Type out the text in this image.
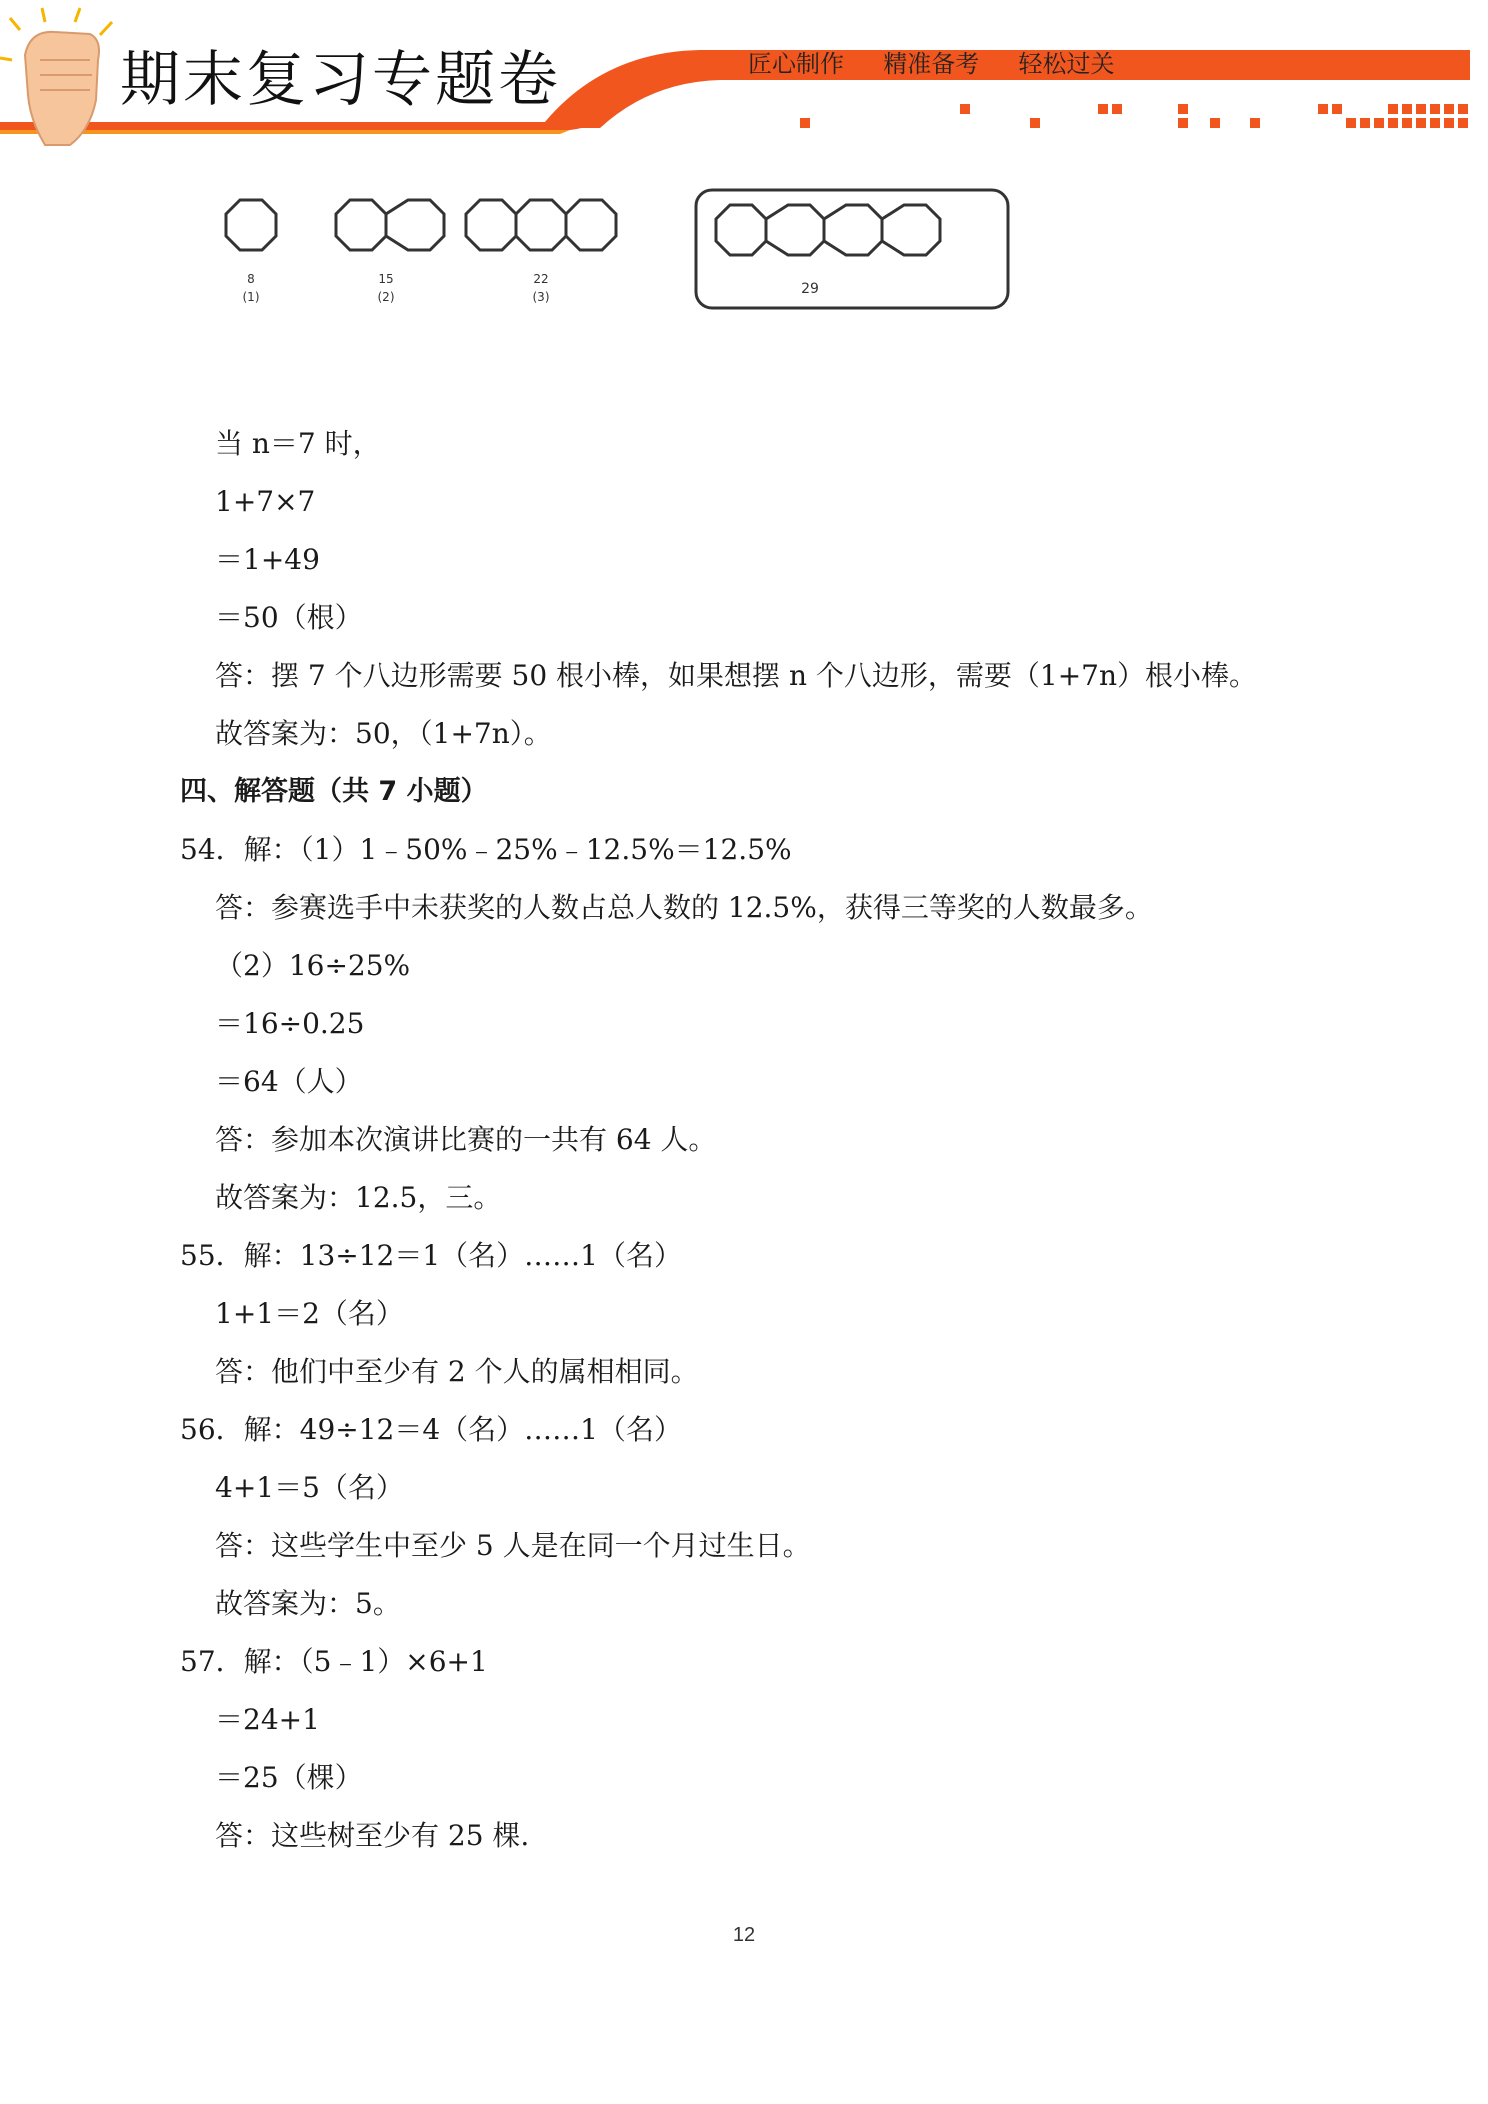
期末复习专题卷	匠心制作  精准备考  轻松过关
8
(1)
15
(2)
22
(3)	29
当 n＝7 时，
1+7×7
＝1+49
＝50（根）
答：摆 7 个八边形需要 50 根小棒，如果想摆 n 个八边形，需要（1+7n）根小棒。
故答案为：50，（1+7n）。
四、解答题（共 7 小题）
54．解：（1）1﹣50%﹣25%﹣12.5%＝12.5%
答：参赛选手中未获奖的人数占总人数的 12.5%，获得三等奖的人数最多。
（2）16÷25%
＝16÷0.25
＝64（人）
答：参加本次演讲比赛的一共有 64 人。
故答案为：12.5，三。
55．解：13÷12＝1（名）……1（名）
1+1＝2（名）
答：他们中至少有 2 个人的属相相同。
56．解：49÷12＝4（名）……1（名）
4+1＝5（名）
答：这些学生中至少 5 人是在同一个月过生日。
故答案为：5。
57．解：（5﹣1）×6+1
＝24+1
＝25（棵）
答：这些树至少有 25 棵.
12
